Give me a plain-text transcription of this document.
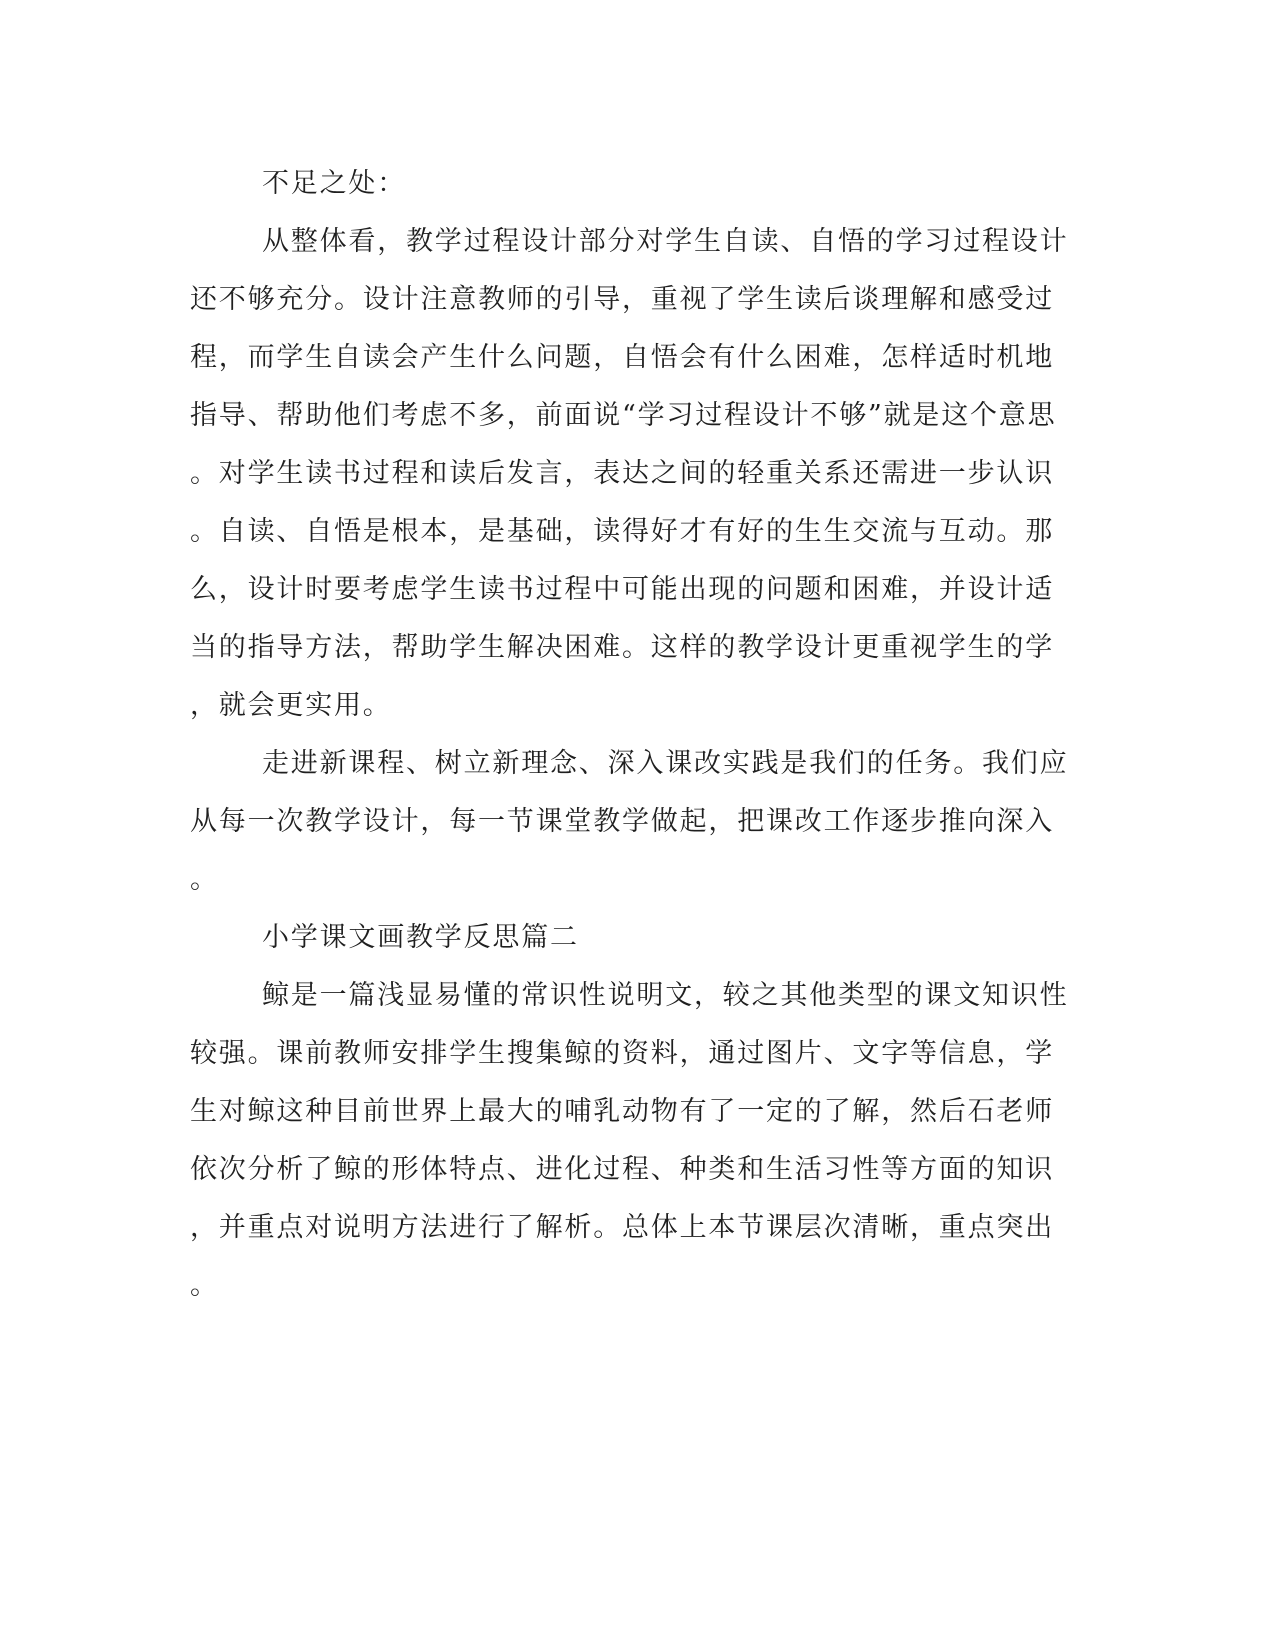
不足之处：
从整体看，教学过程设计部分对学生自读、自悟的学习过程设计
还不够充分。设计注意教师的引导，重视了学生读后谈理解和感受过
程，而学生自读会产生什么问题，自悟会有什么困难，怎样适时机地
指导、帮助他们考虑不多，前面说“学习过程设计不够”就是这个意思
。对学生读书过程和读后发言，表达之间的轻重关系还需进一步认识
。自读、自悟是根本，是基础，读得好才有好的生生交流与互动。那
么，设计时要考虑学生读书过程中可能出现的问题和困难，并设计适
当的指导方法，帮助学生解决困难。这样的教学设计更重视学生的学
，就会更实用。
走进新课程、树立新理念、深入课改实践是我们的任务。我们应
从每一次教学设计，每一节课堂教学做起，把课改工作逐步推向深入
。
小学课文画教学反思篇二
鲸是一篇浅显易懂的常识性说明文，较之其他类型的课文知识性
较强。课前教师安排学生搜集鲸的资料，通过图片、文字等信息，学
生对鲸这种目前世界上最大的哺乳动物有了一定的了解，然后石老师
依次分析了鲸的形体特点、进化过程、种类和生活习性等方面的知识
，并重点对说明方法进行了解析。总体上本节课层次清晰，重点突出
。
